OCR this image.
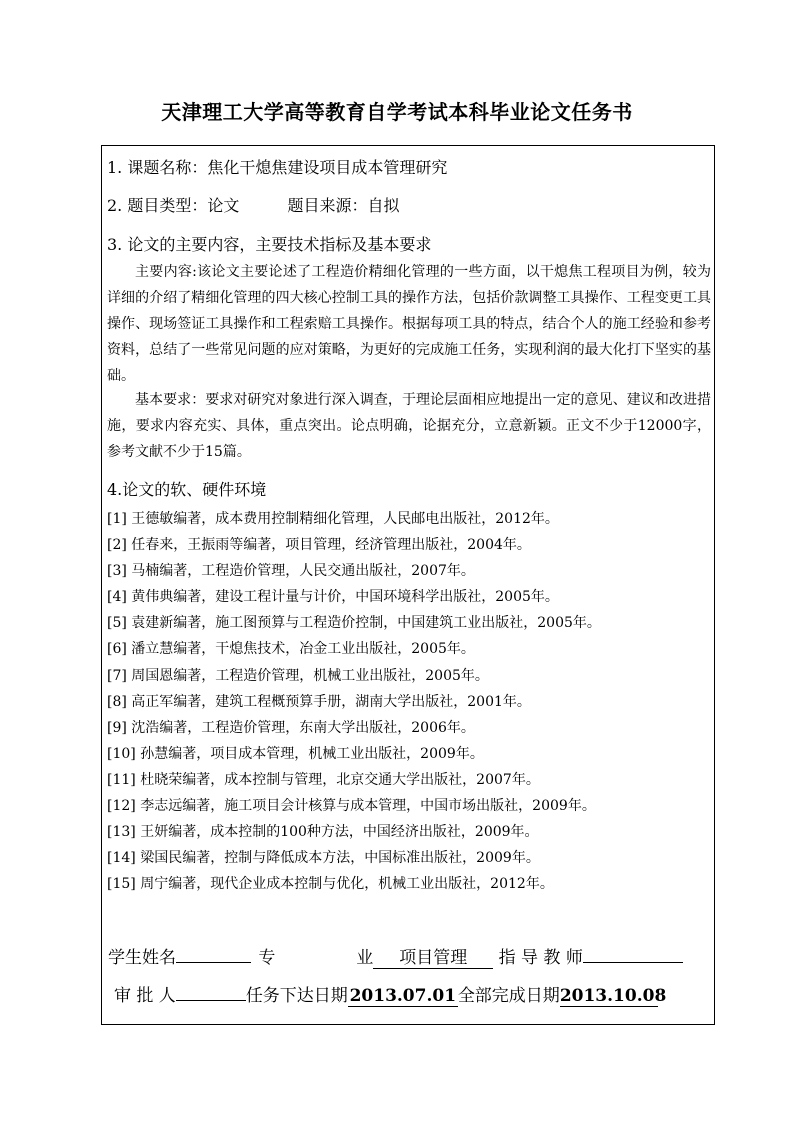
天津理工大学高等教育自学考试本科毕业论文任务书
1. 课题名称：焦化干熄焦建设项目成本管理研究
2. 题目类型：论文	题目来源：自拟
3. 论文的主要内容，主要技术指标及基本要求
主要内容:该论文主要论述了工程造价精细化管理的一些方面，以干熄焦工程项目为例，较为详细的介绍了精细化管理的四大核心控制工具的操作方法，包括价款调整工具操作、工程变更工具操作、现场签证工具操作和工程索赔工具操作。根据每项工具的特点，结合个人的施工经验和参考资料，总结了一些常见问题的应对策略，为更好的完成施工任务，实现利润的最大化打下坚实的基础。
基本要求：要求对研究对象进行深入调查，于理论层面相应地提出一定的意见、建议和改进措施，要求内容充实、具体，重点突出。论点明确，论据充分，立意新颖。正文不少于12000字，参考文献不少于15篇。
4.论文的软、硬件环境
[1] 王德敏编著，成本费用控制精细化管理，人民邮电出版社，2012年。
[2] 任春来，王振雨等编著，项目管理，经济管理出版社，2004年。
[3] 马楠编著，工程造价管理，人民交通出版社，2007年。
[4] 黄伟典编著，建设工程计量与计价，中国环境科学出版社，2005年。
[5] 袁建新编著，施工图预算与工程造价控制，中国建筑工业出版社，2005年。
[6] 潘立慧编著，干熄焦技术，冶金工业出版社，2005年。
[7] 周国恩编著，工程造价管理，机械工业出版社，2005年。
[8] 高正军编著，建筑工程概预算手册，湖南大学出版社，2001年。
[9] 沈浩编著，工程造价管理，东南大学出版社，2006年。
[10] 孙慧编著，项目成本管理，机械工业出版社，2009年。
[11] 杜晓荣编著，成本控制与管理，北京交通大学出版社，2007年。
[12] 李志远编著，施工项目会计核算与成本管理，中国市场出版社，2009年。
[13] 王妍编著，成本控制的100种方法，中国经济出版社，2009年。
[14] 梁国民编著，控制与降低成本方法，中国标准出版社，2009年。
[15] 周宁编著，现代企业成本控制与优化，机械工业出版社，2012年。
学生姓名	专	业 项目管理 指 导 教 师
审 批 人	任务下达日期 2013.07.01 全部完成日期2013.10.08
